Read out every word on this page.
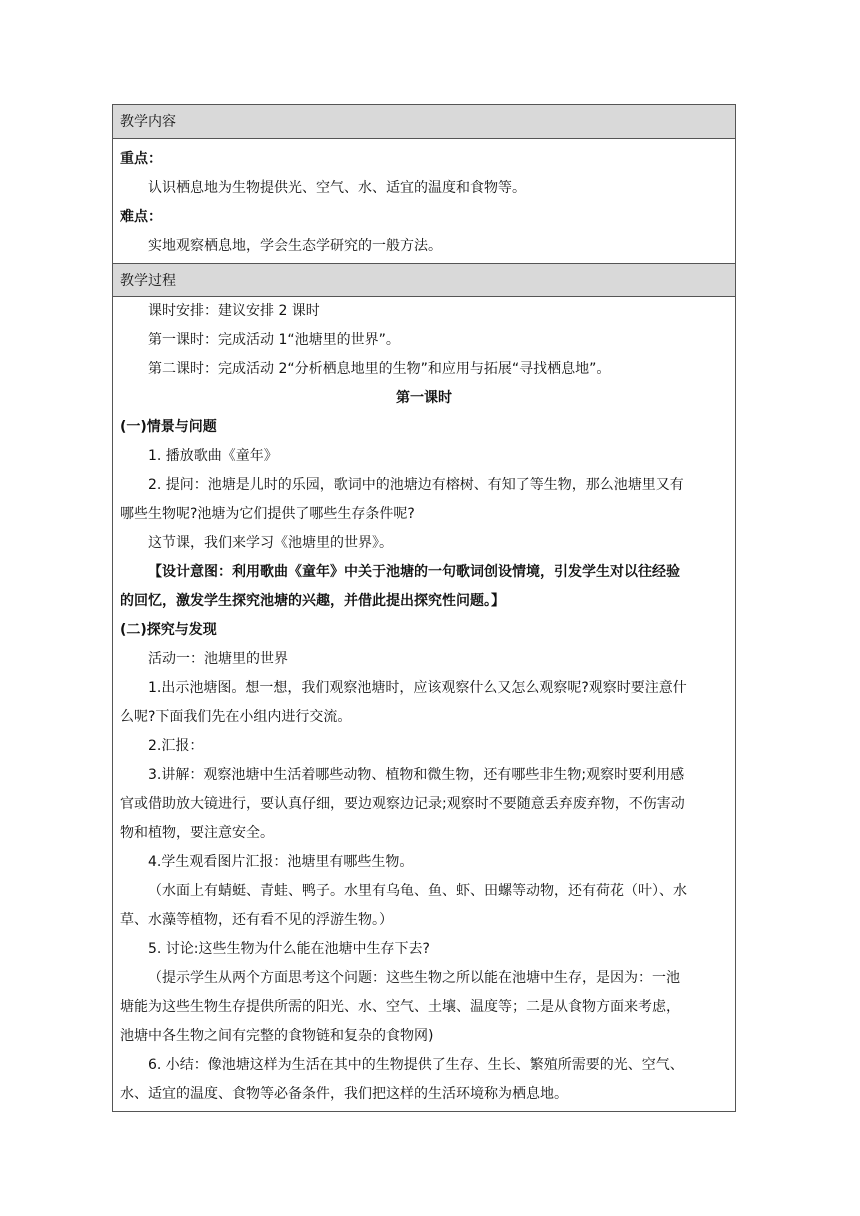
教学内容

重点：

认识栖息地为生物提供光、空气、水、适宜的温度和食物等。

难点：

实地观察栖息地，学会生态学研究的一般方法。

教学过程

课时安排：建议安排 2 课时

第一课时：完成活动 1“池塘里的世界”。

第二课时：完成活动 2“分析栖息地里的生物”和应用与拓展“寻找栖息地”。

第一课时

(一)情景与问题

1. 播放歌曲《童年》

2. 提问：池塘是儿时的乐园，歌词中的池塘边有榕树、有知了等生物，那么池塘里又有

哪些生物呢?池塘为它们提供了哪些生存条件呢?

这节课，我们来学习《池塘里的世界》。

【设计意图：利用歌曲《童年》中关于池塘的一句歌词创设情境，引发学生对以往经验

的回忆，激发学生探究池塘的兴趣，并借此提出探究性问题。】

(二)探究与发现

活动一：池塘里的世界

1.出示池塘图。想一想，我们观察池塘时，应该观察什么又怎么观察呢?观察时要注意什

么呢?下面我们先在小组内进行交流。

2.汇报：

3.讲解：观察池塘中生活着哪些动物、植物和微生物，还有哪些非生物;观察时要利用感

官或借助放大镜进行，要认真仔细，要边观察边记录;观察时不要随意丢弃废弃物，不伤害动

物和植物，要注意安全。

4.学生观看图片汇报：池塘里有哪些生物。

（水面上有蜻蜓、青蛙、鸭子。水里有乌龟、鱼、虾、田螺等动物，还有荷花（叶）、水

草、水藻等植物，还有看不见的浮游生物。）

5. 讨论:这些生物为什么能在池塘中生存下去?

（提示学生从两个方面思考这个问题：这些生物之所以能在池塘中生存，是因为：一池

塘能为这些生物生存提供所需的阳光、水、空气、土壤、温度等；二是从食物方面来考虑，

池塘中各生物之间有完整的食物链和复杂的食物网)

6. 小结：像池塘这样为生活在其中的生物提供了生存、生长、繁殖所需要的光、空气、

水、适宜的温度、食物等必备条件，我们把这样的生活环境称为栖息地。
